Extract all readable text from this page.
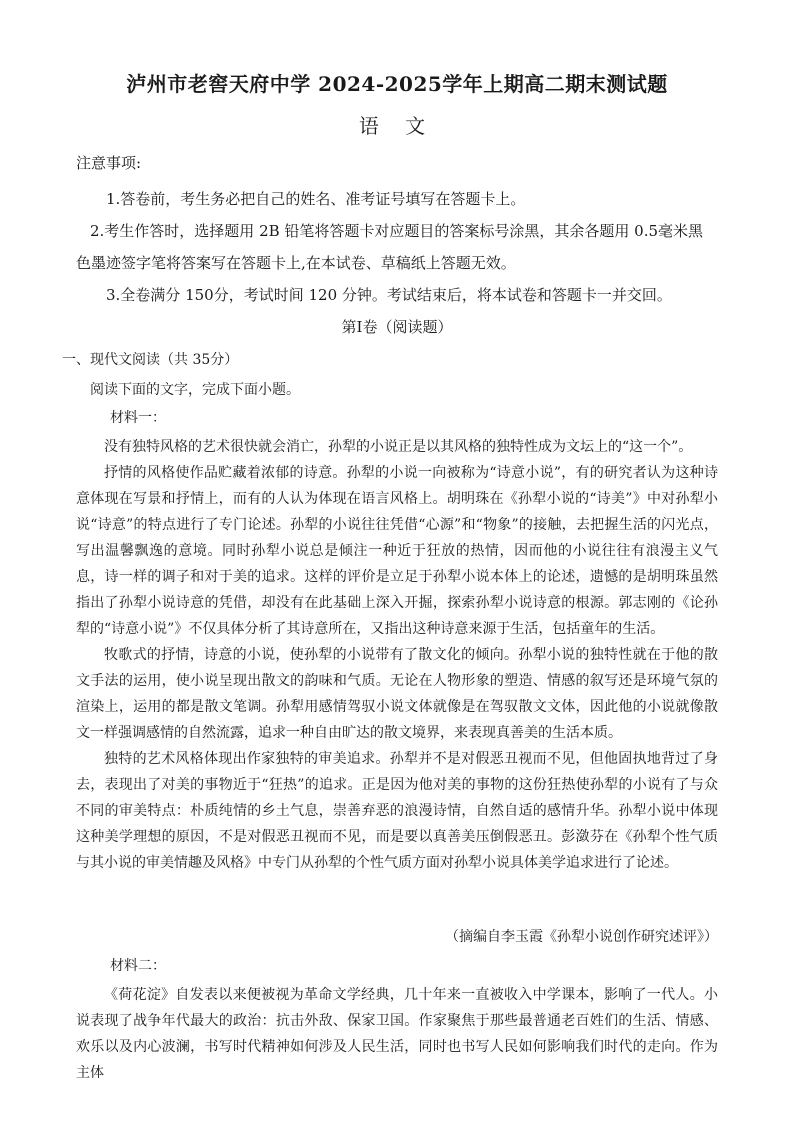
泸州市老窖天府中学 2024-2025学年上期高二期末测试题
语 文
注意事项:
1.答卷前，考生务必把自己的姓名、准考证号填写在答题卡上。
2.考生作答时，选择题用 2B 铅笔将答题卡对应题目的答案标号涂黑，其余各题用 0.5毫米黑色墨迹签字笔将答案写在答题卡上,在本试卷、草稿纸上答题无效。
3.全卷满分 150分，考试时间 120 分钟。考试结束后，将本试卷和答题卡一并交回。
第Ⅰ卷（阅读题）
一、现代文阅读（共 35分）
阅读下面的文字，完成下面小题。
材料一：

没有独特风格的艺术很快就会消亡，孙犁的小说正是以其风格的独特性成为文坛上的“这一个”。

抒情的风格使作品贮藏着浓郁的诗意。孙犁的小说一向被称为“诗意小说”，有的研究者认为这种诗意体现在写景和抒情上，而有的人认为体现在语言风格上。胡明珠在《孙犁小说的“诗美”》中对孙犁小说“诗意”的特点进行了专门论述。孙犁的小说往往凭借“心源”和“物象”的接触，去把握生活的闪光点，写出温馨飘逸的意境。同时孙犁小说总是倾注一种近于狂放的热情，因而他的小说往往有浪漫主义气息，诗一样的调子和对于美的追求。这样的评价是立足于孙犁小说本体上的论述，遗憾的是胡明珠虽然指出了孙犁小说诗意的凭借，却没有在此基础上深入开掘，探索孙犁小说诗意的根源。郭志刚的《论孙犁的“诗意小说”》不仅具体分析了其诗意所在，又指出这种诗意来源于生活，包括童年的生活。

牧歌式的抒情，诗意的小说，使孙犁的小说带有了散文化的倾向。孙犁小说的独特性就在于他的散文手法的运用，使小说呈现出散文的韵味和气质。无论在人物形象的塑造、情感的叙写还是环境气氛的渲染上，运用的都是散文笔调。孙犁用感情驾驭小说文体就像是在驾驭散文文体，因此他的小说就像散文一样强调感情的自然流露，追求一种自由旷达的散文境界，来表现真善美的生活本质。

独特的艺术风格体现出作家独特的审美追求。孙犁并不是对假恶丑视而不见，但他固执地背过了身去，表现出了对美的事物近于“狂热”的追求。正是因为他对美的事物的这份狂热使孙犁的小说有了与众不同的审美特点：朴质纯情的乡土气息，崇善弃恶的浪漫诗情，自然自适的感情升华。孙犁小说中体现这种美学理想的原因，不是对假恶丑视而不见，而是要以真善美压倒假恶丑。彭潋芬在《孙犁个性气质与其小说的审美情趣及风格》中专门从孙犁的个性气质方面对孙犁小说具体美学追求进行了论述。

（摘编自李玉霞《孙犁小说创作研究述评》）
材料二：

《荷花淀》自发表以来便被视为革命文学经典，几十年来一直被收入中学课本，影响了一代人。小说表现了战争年代最大的政治：抗击外敌、保家卫国。作家聚焦于那些最普通老百姓们的生活、情感、欢乐以及内心波澜，书写时代精神如何涉及人民生活，同时也书写人民如何影响我们时代的走向。作为主体
